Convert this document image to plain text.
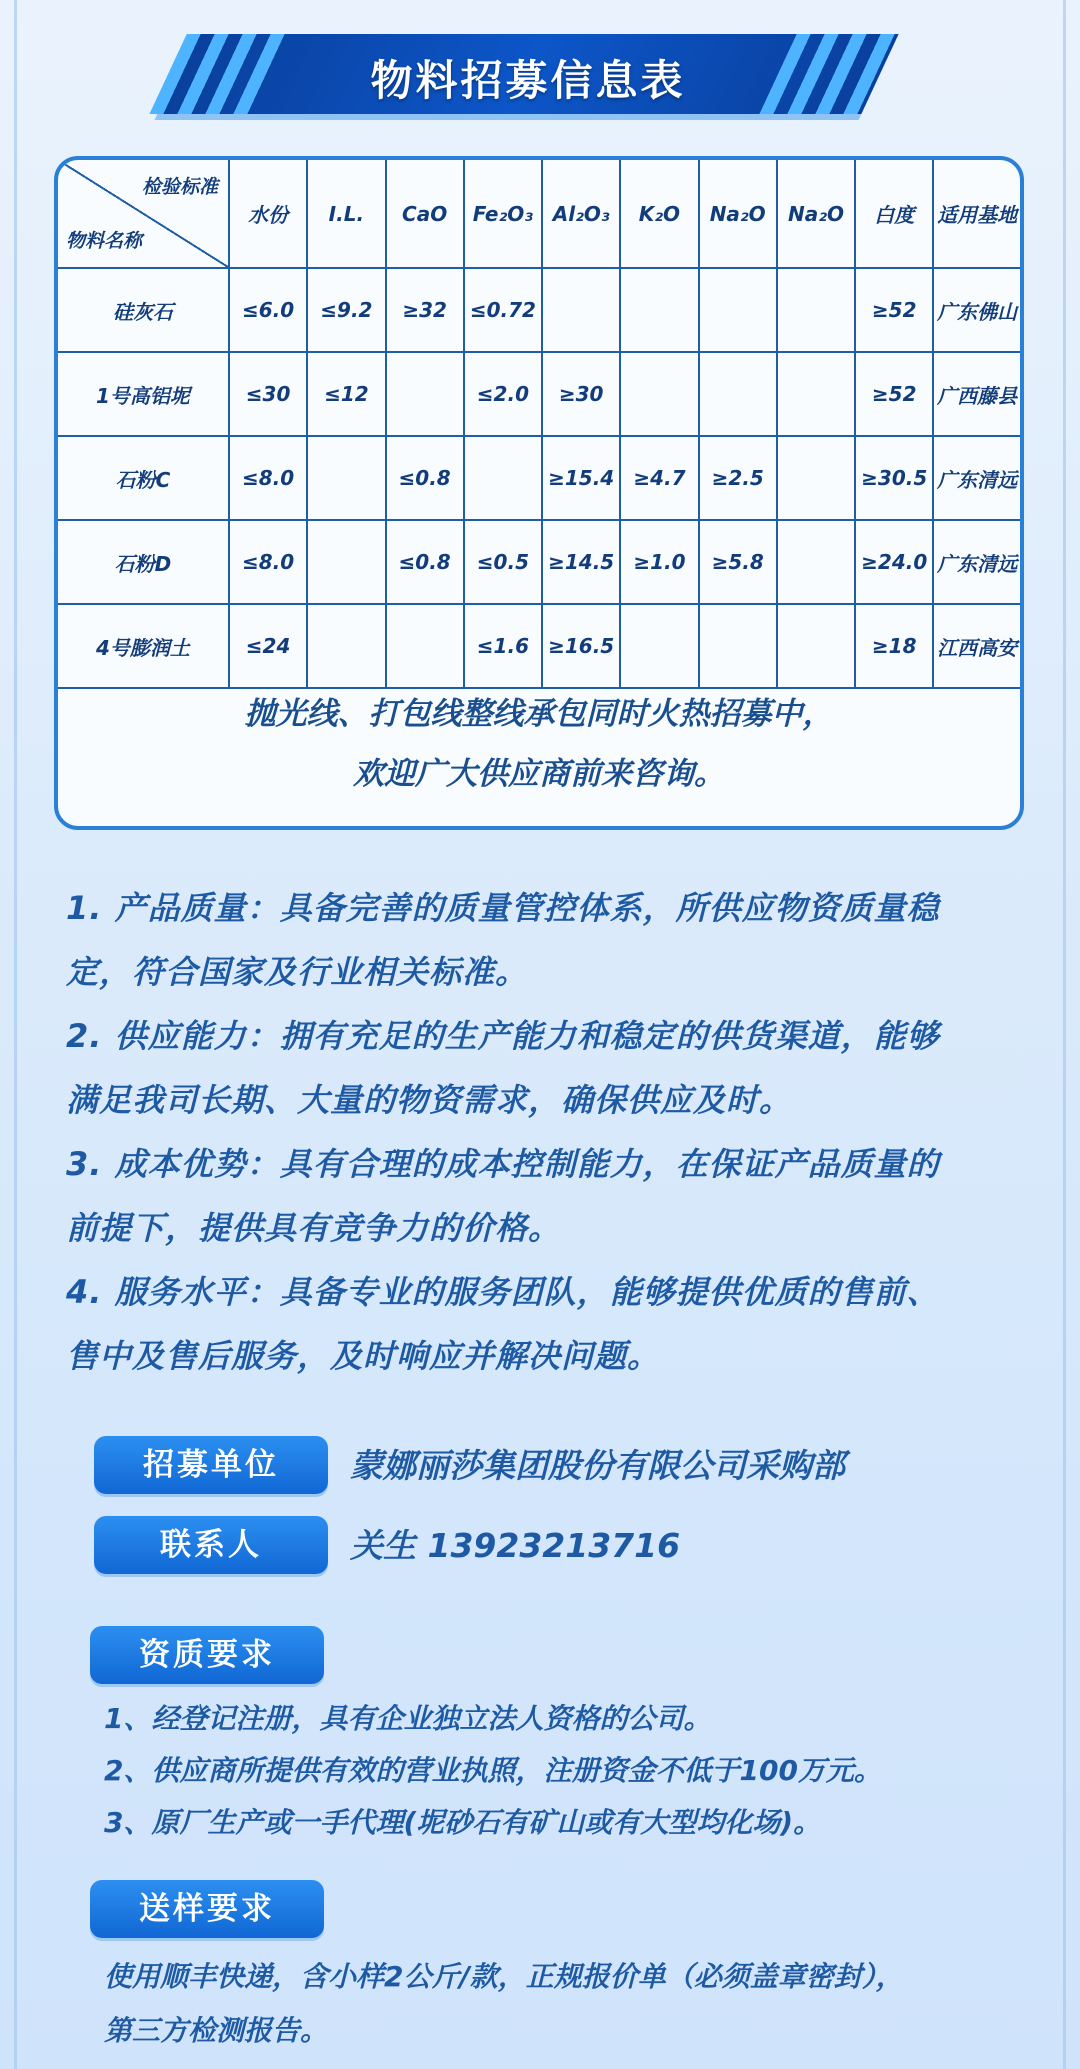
物料招募信息表
检验标准
物料名称	水份	I.L.	CaO	Fe₂O₃	Al₂O₃	K₂O	Na₂O	Na₂O	白度	适用基地
硅灰石	≤6.0	≤9.2	≥32	≤0.72					≥52	广东佛山
1号高铝坭	≤30	≤12		≤2.0	≥30				≥52	广西藤县
石粉C	≤8.0		≤0.8		≥15.4	≥4.7	≥2.5		≥30.5	广东清远
石粉D	≤8.0		≤0.8	≤0.5	≥14.5	≥1.0	≥5.8		≥24.0	广东清远
4号膨润土	≤24			≤1.6	≥16.5				≥18	江西高安
抛光线、打包线整线承包同时火热招募中，
欢迎广大供应商前来咨询。

1. 产品质量：具备完善的质量管控体系，所供应物资质量稳

定，符合国家及行业相关标准。

2. 供应能力：拥有充足的生产能力和稳定的供货渠道，能够

满足我司长期、大量的物资需求，确保供应及时。

3. 成本优势：具有合理的成本控制能力，在保证产品质量的

前提下，提供具有竞争力的价格。

4. 服务水平：具备专业的服务团队，能够提供优质的售前、

售中及售后服务，及时响应并解决问题。

招募单位	蒙娜丽莎集团股份有限公司采购部
联系人	关生 13923213716
资质要求

1、经登记注册，具有企业独立法人资格的公司。

2、供应商所提供有效的营业执照，注册资金不低于100万元。

3、原厂生产或一手代理(坭砂石有矿山或有大型均化场)。

送样要求
使用顺丰快递，含小样2公斤/款，正规报价单（必须盖章密封），
第三方检测报告。
